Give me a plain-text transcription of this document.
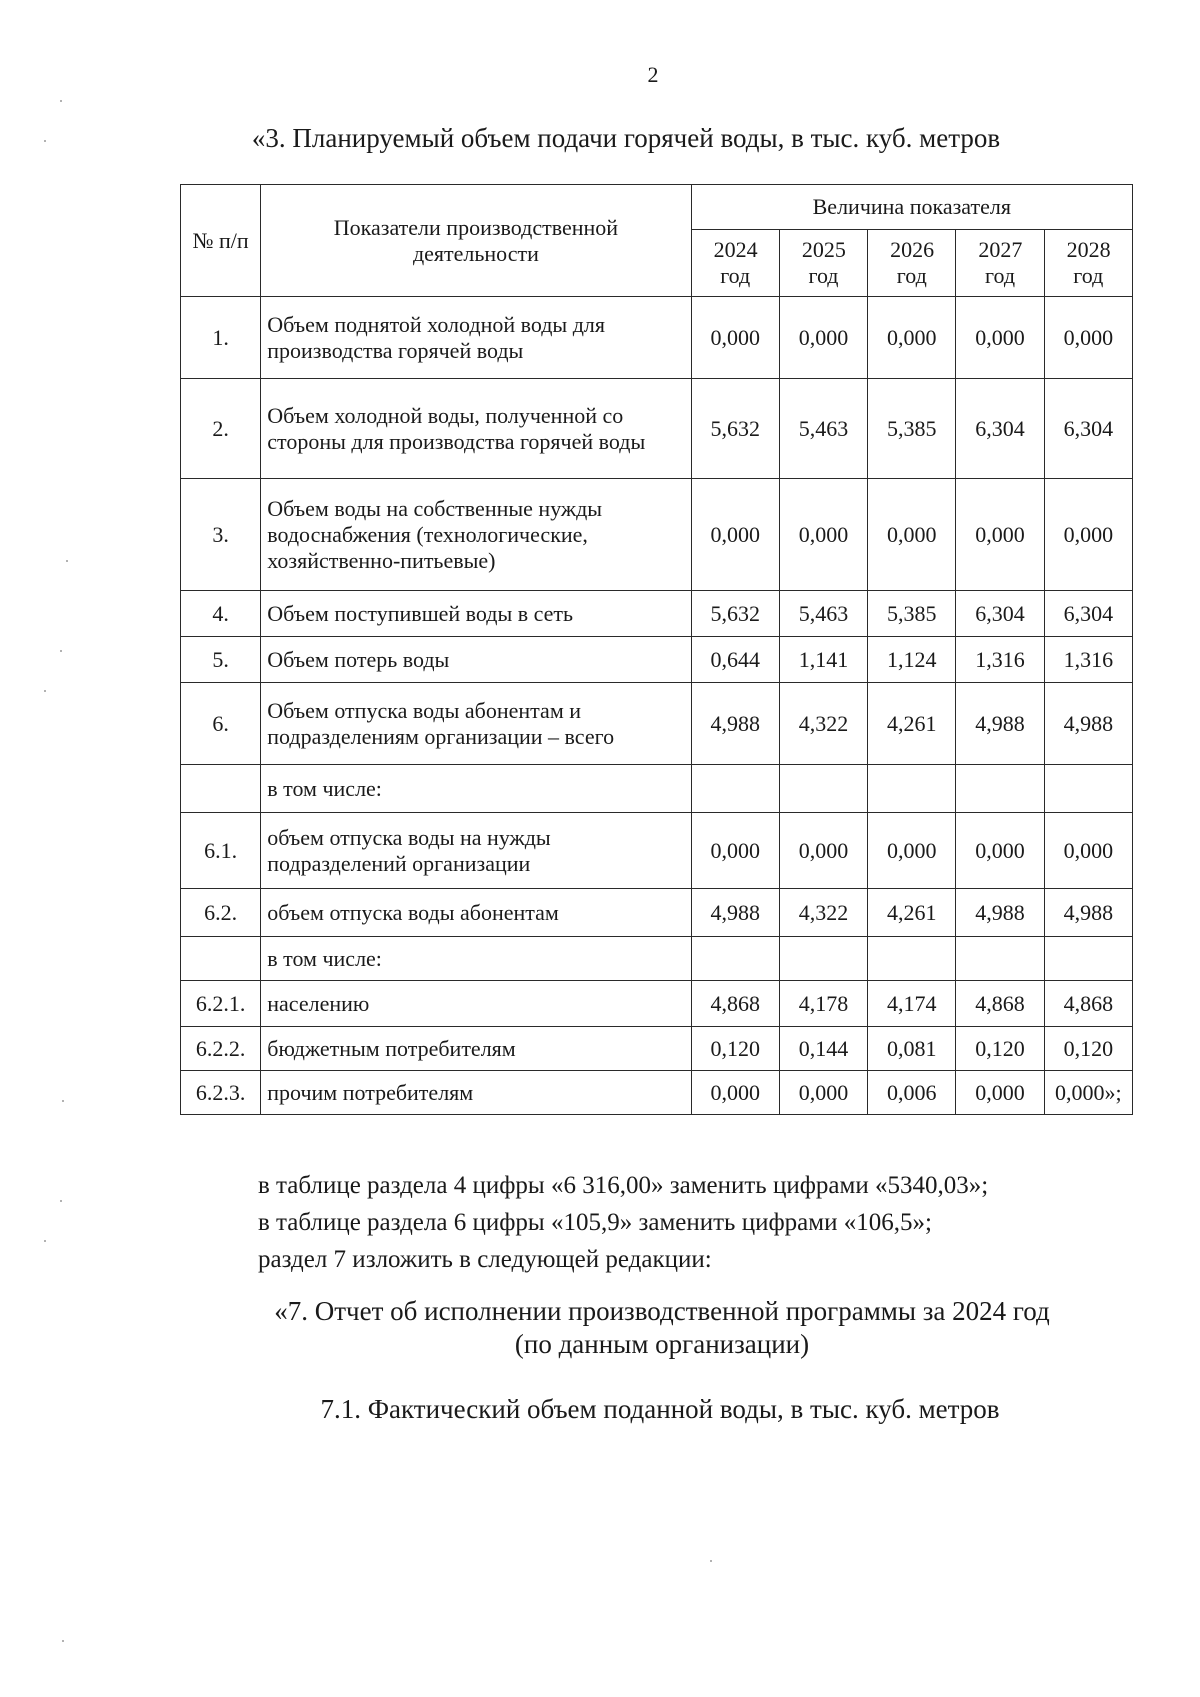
2
«3. Планируемый объем подачи горячей воды, в тыс. куб. метров
№ п/п	Показатели производственной деятельности	Величина показателя				
		2024 год	2025 год	2026 год	2027 год	2028 год
1.	Объем поднятой холодной воды для производства горячей воды	0,000	0,000	0,000	0,000	0,000
2.	Объем холодной воды, полученной со стороны для производства горячей воды	5,632	5,463	5,385	6,304	6,304
3.	Объем воды на собственные нужды водоснабжения (технологические, хозяйственно-питьевые)	0,000	0,000	0,000	0,000	0,000
4.	Объем поступившей воды в сеть	5,632	5,463	5,385	6,304	6,304
5.	Объем потерь воды	0,644	1,141	1,124	1,316	1,316
6.	Объем отпуска воды абонентам и подразделениям организации – всего	4,988	4,322	4,261	4,988	4,988
	в том числе:					
6.1.	объем отпуска воды на нужды подразделений организации	0,000	0,000	0,000	0,000	0,000
6.2.	объем отпуска воды абонентам	4,988	4,322	4,261	4,988	4,988
	в том числе:					
6.2.1.	населению	4,868	4,178	4,174	4,868	4,868
6.2.2.	бюджетным потребителям	0,120	0,144	0,081	0,120	0,120
6.2.3.	прочим потребителям	0,000	0,000	0,006	0,000	0,000»;
в таблице раздела 4 цифры «6 316,00» заменить цифрами «5340,03»;
в таблице раздела 6 цифры «105,9» заменить цифрами «106,5»;
раздел 7 изложить в следующей редакции:
«7. Отчет об исполнении производственной программы за 2024 год
(по данным организации)
7.1. Фактический объем поданной воды, в тыс. куб. метров
